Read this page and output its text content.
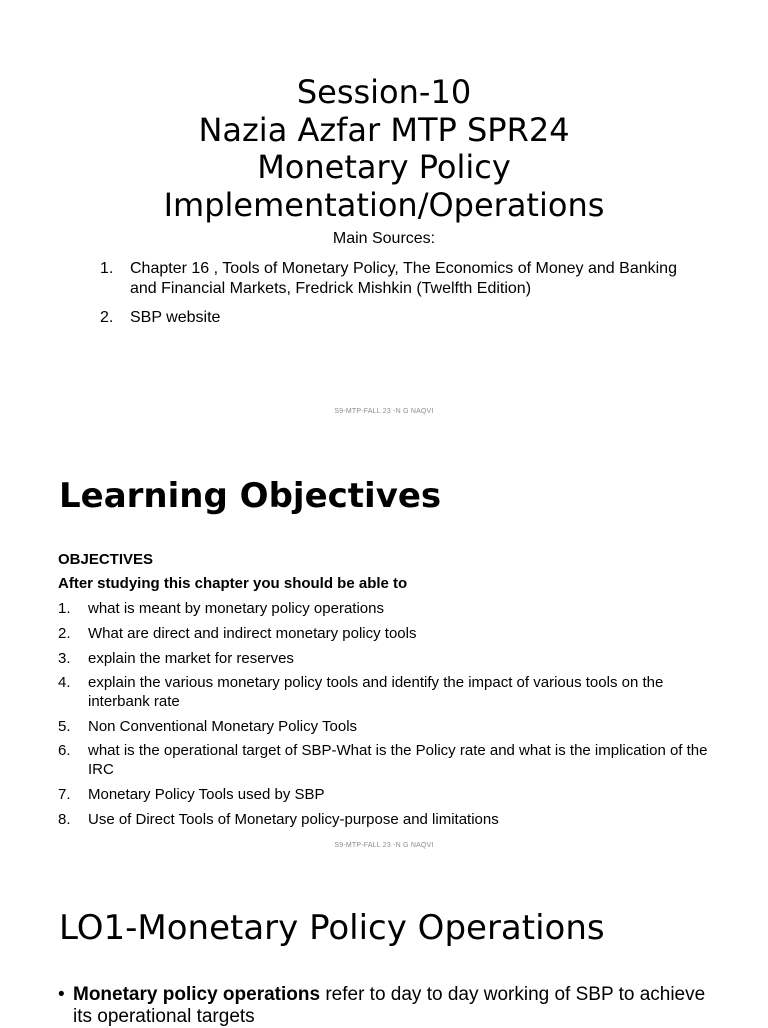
Session-10
Nazia Azfar MTP SPR24
Monetary Policy
Implementation/Operations
Main Sources:
1. Chapter 16 , Tools of Monetary Policy, The Economics of Money and Banking and Financial Markets, Fredrick Mishkin (Twelfth Edition)
2. SBP website
S9-MTP-FALL 23 -N G NAQVI
Learning Objectives
OBJECTIVES
After studying this chapter you should be able to
1. what is meant by monetary policy operations
2. What are direct and indirect monetary policy tools
3. explain the market for reserves
4. explain the various monetary policy tools and identify the impact of various tools on the interbank rate
5. Non Conventional Monetary Policy Tools
6. what is the operational target of SBP-What is the Policy rate and what is the implication of the IRC
7. Monetary Policy Tools used by SBP
8. Use of Direct Tools of Monetary policy-purpose and limitations
S9-MTP-FALL 23 -N G NAQVI
LO1-Monetary Policy Operations
• Monetary policy operations refer to day to day working of SBP to achieve its operational targets
